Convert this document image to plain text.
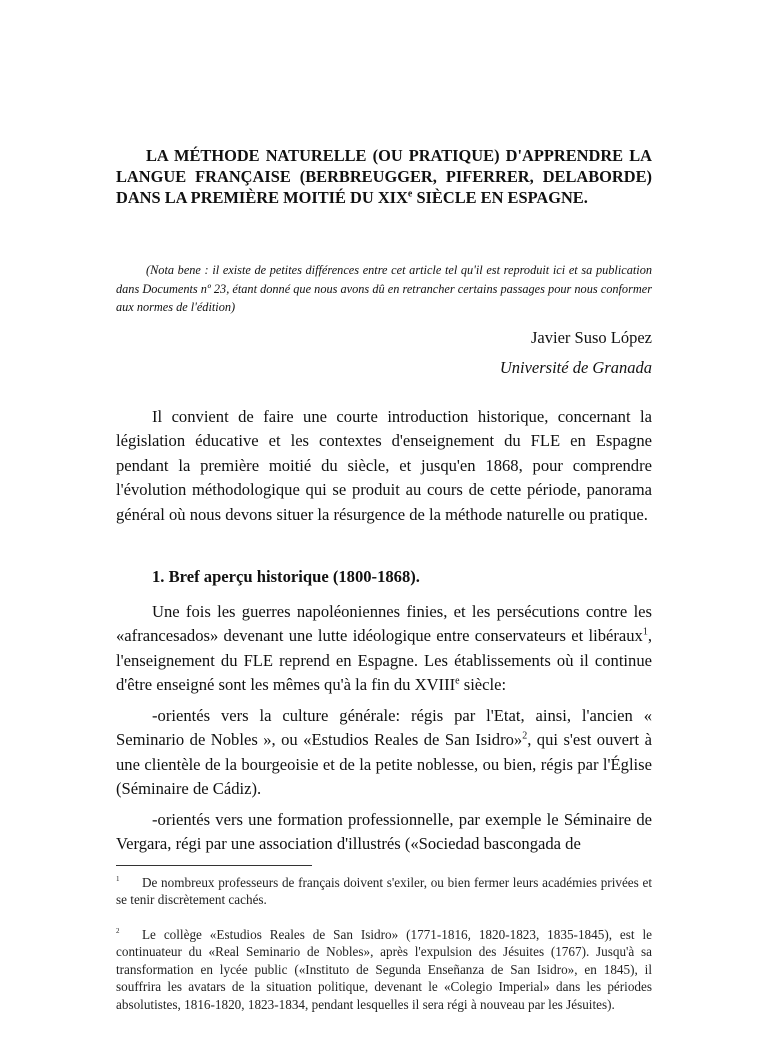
LA MÉTHODE NATURELLE (OU PRATIQUE) D'APPRENDRE LA LANGUE FRANÇAISE (BERBREUGGER, PIFERRER, DELABORDE) DANS LA PREMIÈRE MOITIÉ DU XIXe SIÈCLE EN ESPAGNE.

(Nota bene : il existe de petites différences entre cet article tel qu'il est reproduit ici et sa publication dans Documents nº 23, étant donné que nous avons dû en retrancher certains passages pour nous conformer aux normes de l'édition)

Javier Suso López

Université de Granada

Il convient de faire une courte introduction historique, concernant la législation éducative et les contextes d'enseignement du FLE en Espagne pendant la première moitié du siècle, et jusqu'en 1868, pour comprendre l'évolution méthodologique qui se produit au cours de cette période, panorama général où nous devons situer la résurgence de la méthode naturelle ou pratique.

1. Bref aperçu historique (1800-1868).

Une fois les guerres napoléoniennes finies, et les persécutions contre les «afrancesados» devenant une lutte idéologique entre conservateurs et libéraux$^1$, l'enseignement du FLE reprend en Espagne. Les établissements où il continue d'être enseigné sont les mêmes qu'à la fin du XVIIIe siècle:

-orientés vers la culture générale: régis par l'Etat, ainsi, l'ancien « Seminario de Nobles », ou «Estudios Reales de San Isidro»$^2$, qui s'est ouvert à une clientèle de la bourgeoisie et de la petite noblesse, ou bien, régis par l'Église (Séminaire de Cádiz).

-orientés vers une formation professionnelle, par exemple le Séminaire de Vergara, régi par une association d'illustrés («Sociedad bascongada de

1 De nombreux professeurs de français doivent s'exiler, ou bien fermer leurs académies privées et se tenir discrètement cachés.

2 Le collège «Estudios Reales de San Isidro» (1771-1816, 1820-1823, 1835-1845), est le continuateur du «Real Seminario de Nobles», après l'expulsion des Jésuites (1767). Jusqu'à sa transformation en lycée public («Instituto de Segunda Enseñanza de San Isidro», en 1845), il souffrira les avatars de la situation politique, devenant le «Colegio Imperial» dans les périodes absolutistes, 1816-1820, 1823-1834, pendant lesquelles il sera régi à nouveau par les Jésuites).
